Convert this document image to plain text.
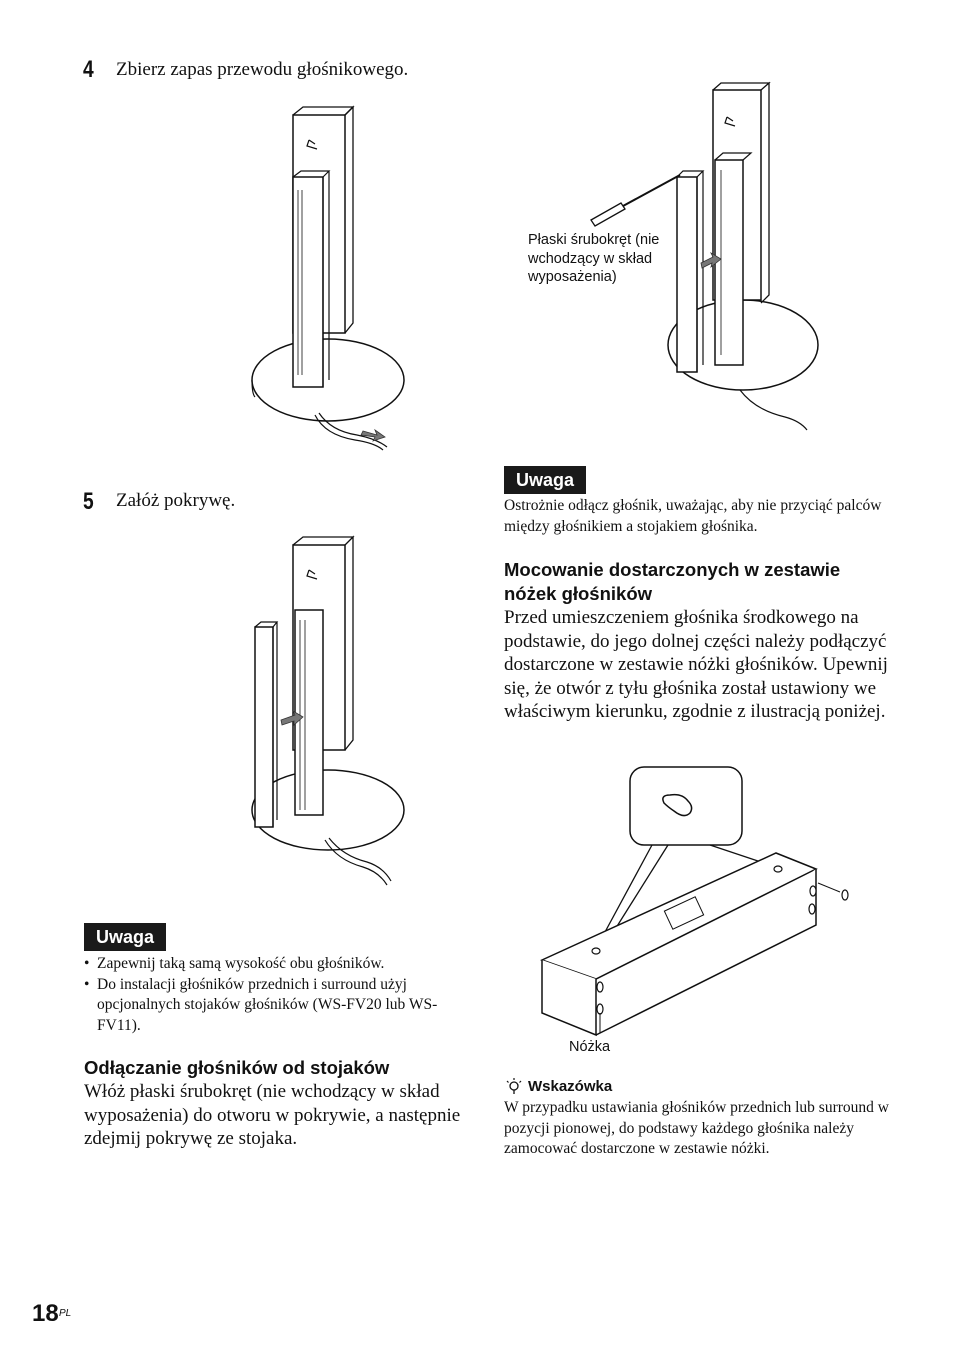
4 Zbierz zapas przewodu głośnikowego.
5 Załóż pokrywę.
Uwaga
• Zapewnij taką samą wysokość obu głośników.
• Do instalacji głośników przednich i surround użyj opcjonalnych stojaków głośników (WS-FV20 lub WS-FV11).
Odłączanie głośników od stojaków
Włóż płaski śrubokręt (nie wchodzący w skład wyposażenia) do otworu w pokrywie, a następnie zdejmij pokrywę ze stojaka.
Płaski śrubokręt (nie wchodzący w skład wyposażenia)
Uwaga
Ostrożnie odłącz głośnik, uważając, aby nie przyciąć palców między głośnikiem a stojakiem głośnika.
Mocowanie dostarczonych w zestawie nóżek głośników
Przed umieszczeniem głośnika środkowego na podstawie, do jego dolnej części należy podłączyć dostarczone w zestawie nóżki głośników. Upewnij się, że otwór z tyłu głośnika został ustawiony we właściwym kierunku, zgodnie z ilustracją poniżej.
Nóżka
Wskazówka
W przypadku ustawiania głośników przednich lub surround w pozycji pionowej, do podstawy każdego głośnika należy zamocować dostarczone w zestawie nóżki.
18 PL
